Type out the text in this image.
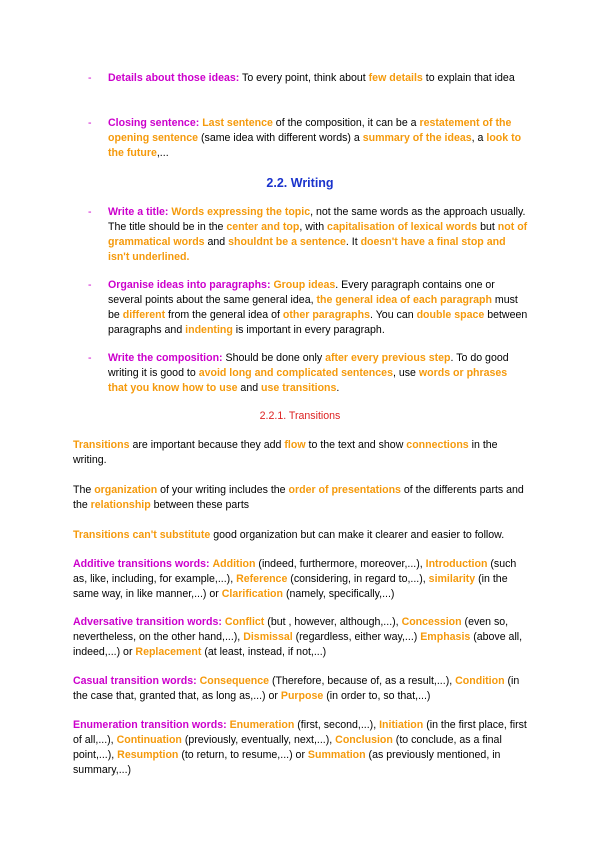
- Details about those ideas: To every point, think about few details to explain that idea
- Closing sentence: Last sentence of the composition, it can be a restatement of the opening sentence (same idea with different words) a summary of the ideas, a look to the future,...
2.2. Writing
- Write a title: Words expressing the topic, not the same words as the approach usually. The title should be in the center and top, with capitalisation of lexical words but not of grammatical words and shouldnt be a sentence. It doesn't have a final stop and isn't underlined.
- Organise ideas into paragraphs: Group ideas. Every paragraph contains one or several points about the same general idea, the general idea of each paragraph must be different from the general idea of other paragraphs. You can double space between paragraphs and indenting is important in every paragraph.
- Write the composition: Should be done only after every previous step. To do good writing it is good to avoid long and complicated sentences, use words or phrases that you know how to use and use transitions.
2.2.1. Transitions
Transitions are important because they add flow to the text and show connections in the writing.
The organization of your writing includes the order of presentations of the differents parts and the relationship between these parts
Transitions can't substitute good organization but can make it clearer and easier to follow.
Additive transitions words: Addition (indeed, furthermore, moreover,...), Introduction (such as, like, including, for example,...), Reference (considering, in regard to,...), similarity (in the same way, in like manner,...) or Clarification (namely, specifically,...)
Adversative transition words: Conflict (but , however, although,...), Concession (even so, nevertheless, on the other hand,...), Dismissal (regardless, either way,...) Emphasis (above all, indeed,...) or Replacement (at least, instead, if not,...)
Casual transition words: Consequence (Therefore, because of, as a result,...), Condition (in the case that, granted that, as long as,...) or Purpose (in order to, so that,...)
Enumeration transition words: Enumeration (first, second,...), Initiation (in the first place, first of all,...), Continuation (previously, eventually, next,...), Conclusion (to conclude, as a final point,...), Resumption (to return, to resume,...) or Summation (as previously mentioned, in summary,...)
